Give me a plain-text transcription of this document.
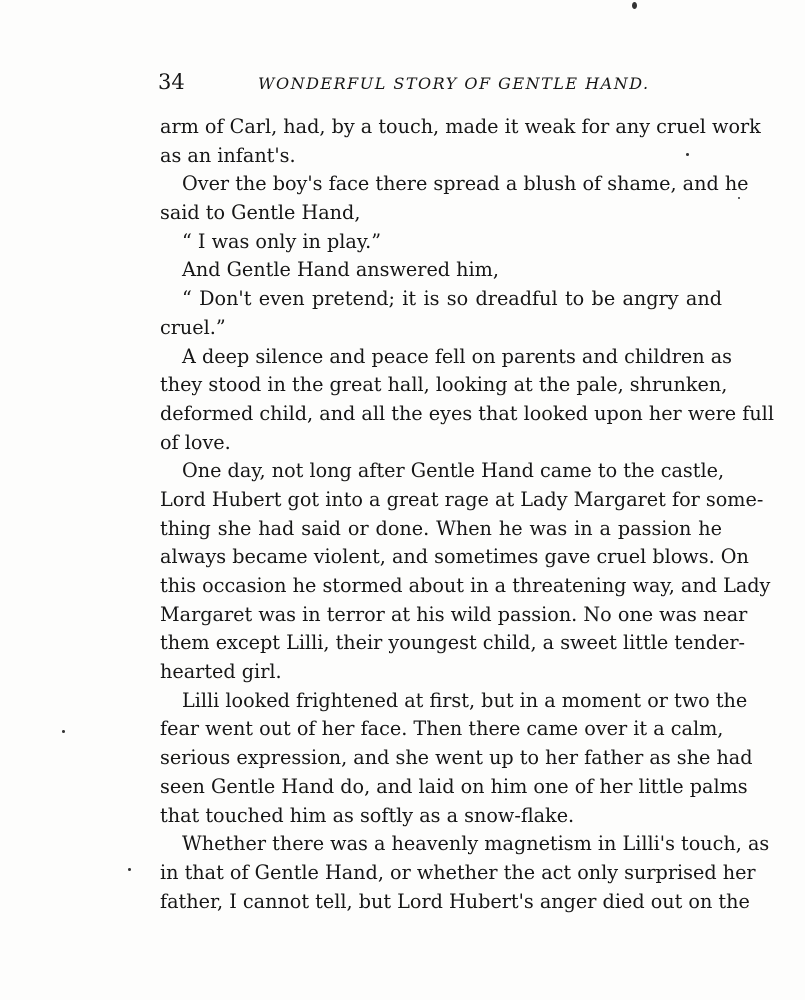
34	WONDERFUL STORY OF GENTLE HAND.
arm of Carl, had, by a touch, made it weak for any cruel work
as an infant's.
Over the boy's face there spread a blush of shame, and he
said to Gentle Hand,
“ I was only in play.”
And Gentle Hand answered him,
“ Don't even pretend; it is so dreadful to be angry and
cruel.”
A deep silence and peace fell on parents and children as
they stood in the great hall, looking at the pale, shrunken,
deformed child, and all the eyes that looked upon her were full
of love.
One day, not long after Gentle Hand came to the castle,
Lord Hubert got into a great rage at Lady Margaret for some-
thing she had said or done. When he was in a passion he
always became violent, and sometimes gave cruel blows. On
this occasion he stormed about in a threatening way, and Lady
Margaret was in terror at his wild passion. No one was near
them except Lilli, their youngest child, a sweet little tender-
hearted girl.
Lilli looked frightened at first, but in a moment or two the
fear went out of her face. Then there came over it a calm,
serious expression, and she went up to her father as she had
seen Gentle Hand do, and laid on him one of her little palms
that touched him as softly as a snow-flake.
Whether there was a heavenly magnetism in Lilli's touch, as
in that of Gentle Hand, or whether the act only surprised her
father, I cannot tell, but Lord Hubert's anger died out on the
